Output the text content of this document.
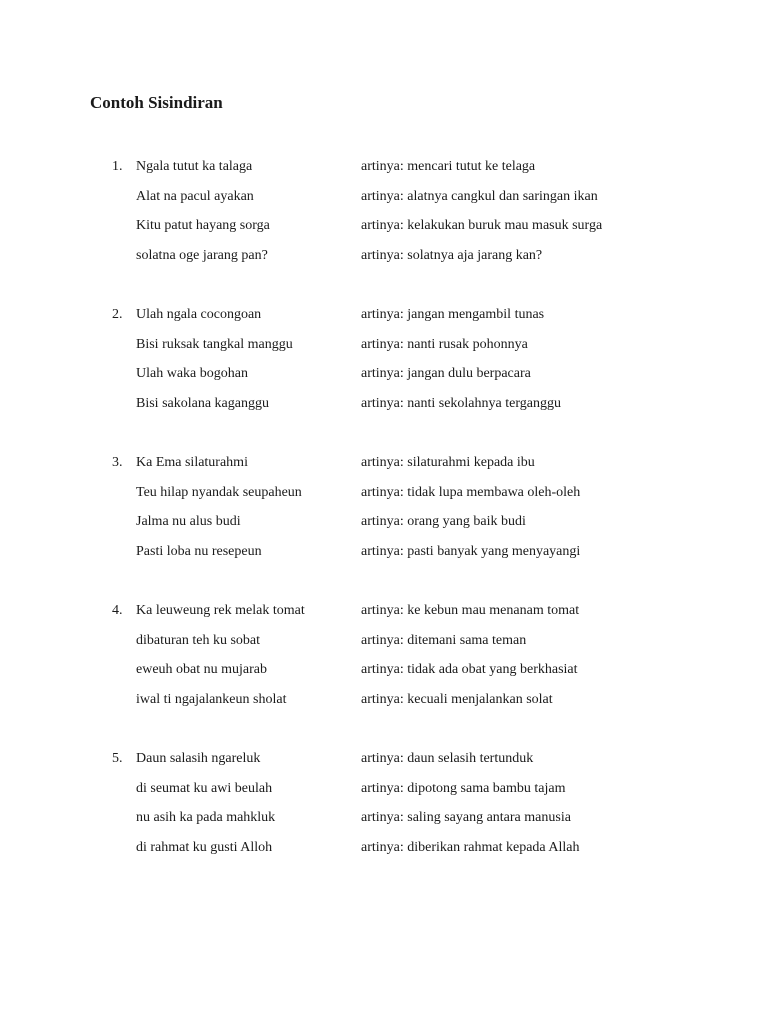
Contoh Sisindiran
1. Ngala tutut ka talaga	artinya: mencari tutut ke telaga
Alat na pacul ayakan	artinya: alatnya cangkul dan saringan ikan
Kitu patut hayang sorga	artinya: kelakukan buruk mau masuk surga
solatna oge jarang pan?	artinya: solatnya aja jarang kan?
2. Ulah ngala cocongoan	artinya: jangan mengambil tunas
Bisi ruksak tangkal manggu	artinya: nanti rusak pohonnya
Ulah waka bogohan	artinya: jangan dulu berpacara
Bisi sakolana kaganggu	artinya: nanti sekolahnya terganggu
3. Ka Ema silaturahmi	artinya: silaturahmi kepada ibu
Teu hilap nyandak seupaheun	artinya: tidak lupa membawa oleh-oleh
Jalma nu alus budi	artinya: orang yang baik budi
Pasti loba nu resepeun	artinya: pasti banyak yang menyayangi
4. Ka leuweung rek melak tomat	artinya: ke kebun mau menanam tomat
dibaturan teh ku sobat	artinya: ditemani sama teman
eweuh obat nu mujarab	artinya: tidak ada obat yang berkhasiat
iwal ti ngajalankeun sholat	artinya: kecuali menjalankan solat
5. Daun salasih ngareluk	artinya: daun selasih tertunduk
di seumat ku awi beulah	artinya: dipotong sama bambu tajam
nu asih ka pada mahkluk	artinya: saling sayang antara manusia
di rahmat ku gusti Alloh	artinya: diberikan rahmat kepada Allah
